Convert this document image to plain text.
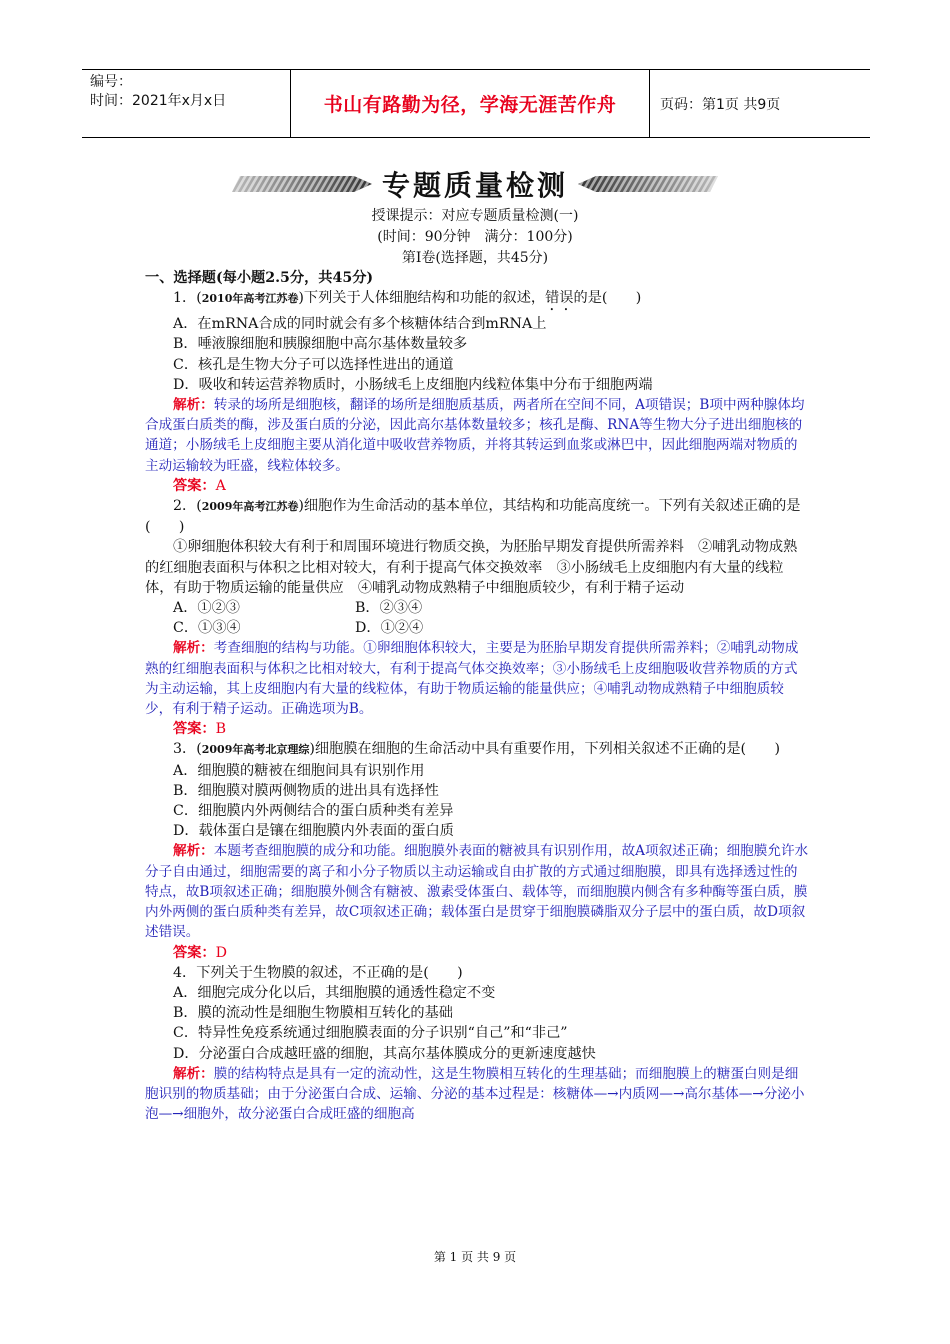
编号：
时间：2021年x月x日	书山有路勤为径，学海无涯苦作舟	页码：第1页 共9页
专题质量检测
授课提示：对应专题质量检测(一)
(时间：90分钟　满分：100分)
第Ⅰ卷(选择题，共45分)

一、选择题(每小题2.5分，共45分)

1．(2010年高考江苏卷)下列关于人体细胞结构和功能的叙述，错误的是(　　)

A．在mRNA合成的同时就会有多个核糖体结合到mRNA上

B．唾液腺细胞和胰腺细胞中高尔基体数量较多

C．核孔是生物大分子可以选择性进出的通道

D．吸收和转运营养物质时，小肠绒毛上皮细胞内线粒体集中分布于细胞两端

解析：转录的场所是细胞核，翻译的场所是细胞质基质，两者所在空间不同，A项错误；B项中两种腺体均合成蛋白质类的酶，涉及蛋白质的分泌，因此高尔基体数量较多；核孔是酶、RNA等生物大分子进出细胞核的通道；小肠绒毛上皮细胞主要从消化道中吸收营养物质，并将其转运到血浆或淋巴中，因此细胞两端对物质的主动运输较为旺盛，线粒体较多。

答案：A

2．(2009年高考江苏卷)细胞作为生命活动的基本单位，其结构和功能高度统一。下列有关叙述正确的是(　　)

①卵细胞体积较大有利于和周围环境进行物质交换，为胚胎早期发育提供所需养料　②哺乳动物成熟的红细胞表面积与体积之比相对较大，有利于提高气体交换效率　③小肠绒毛上皮细胞内有大量的线粒体，有助于物质运输的能量供应　④哺乳动物成熟精子中细胞质较少，有利于精子运动

A．①②③	B．②③④

C．①③④	D．①②④

解析：考查细胞的结构与功能。①卵细胞体积较大，主要是为胚胎早期发育提供所需养料；②哺乳动物成熟的红细胞表面积与体积之比相对较大，有利于提高气体交换效率；③小肠绒毛上皮细胞吸收营养物质的方式为主动运输，其上皮细胞内有大量的线粒体，有助于物质运输的能量供应；④哺乳动物成熟精子中细胞质较少，有利于精子运动。正确选项为B。

答案：B

3．(2009年高考北京理综)细胞膜在细胞的生命活动中具有重要作用，下列相关叙述不正确的是(　　)

A．细胞膜的糖被在细胞间具有识别作用

B．细胞膜对膜两侧物质的进出具有选择性

C．细胞膜内外两侧结合的蛋白质种类有差异

D．载体蛋白是镶在细胞膜内外表面的蛋白质

解析：本题考查细胞膜的成分和功能。细胞膜外表面的糖被具有识别作用，故A项叙述正确；细胞膜允许水分子自由通过，细胞需要的离子和小分子物质以主动运输或自由扩散的方式通过细胞膜，即具有选择透过性的特点，故B项叙述正确；细胞膜外侧含有糖被、激素受体蛋白、载体等，而细胞膜内侧含有多种酶等蛋白质，膜内外两侧的蛋白质种类有差异，故C项叙述正确；载体蛋白是贯穿于细胞膜磷脂双分子层中的蛋白质，故D项叙述错误。

答案：D

4．下列关于生物膜的叙述，不正确的是(　　)

A．细胞完成分化以后，其细胞膜的通透性稳定不变

B．膜的流动性是细胞生物膜相互转化的基础

C．特异性免疫系统通过细胞膜表面的分子识别“自己”和“非己”

D．分泌蛋白合成越旺盛的细胞，其高尔基体膜成分的更新速度越快

解析：膜的结构特点是具有一定的流动性，这是生物膜相互转化的生理基础；而细胞膜上的糖蛋白则是细胞识别的物质基础；由于分泌蛋白合成、运输、分泌的基本过程是：核糖体—→内质网—→高尔基体—→分泌小泡—→细胞外，故分泌蛋白合成旺盛的细胞高

第 1 页 共 9 页
